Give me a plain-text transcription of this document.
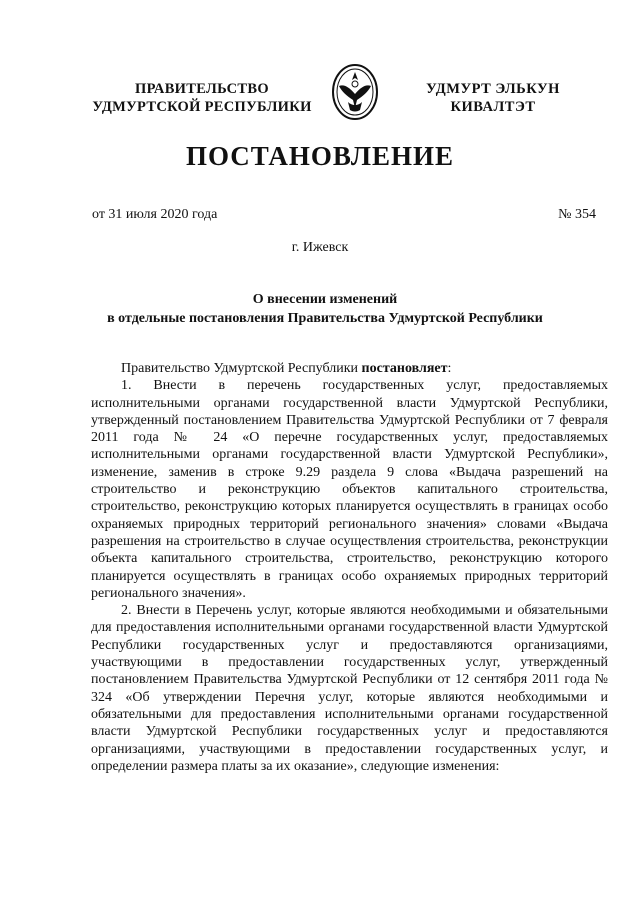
ПРАВИТЕЛЬСТВО
УДМУРТСКОЙ РЕСПУБЛИКИ
УДМУРТ ЭЛЬКУН
КИВАЛТЭТ
ПОСТАНОВЛЕНИЕ
от 31 июля 2020 года	№ 354
г. Ижевск
О внесении изменений
в отдельные постановления Правительства Удмуртской Республики

Правительство Удмуртской Республики постановляет:

1. Внести в перечень государственных услуг, предоставляемых исполнительными органами государственной власти Удмуртской Республики, утвержденный постановлением Правительства Удмуртской Республики от 7 февраля 2011 года № 24 «О перечне государственных услуг, предоставляемых исполнительными органами государственной власти Удмуртской Республики», изменение, заменив в строке 9.29 раздела 9 слова «Выдача разрешений на строительство и реконструкцию объектов капитального строительства, строительство, реконструкцию которых планируется осуществлять в границах особо охраняемых природных территорий регионального значения» словами «Выдача разрешения на строительство в случае осуществления строительства, реконструкции объекта капитального строительства, строительство, реконструкцию которого планируется осуществлять в границах особо охраняемых природных территорий регионального значения».

2. Внести в Перечень услуг, которые являются необходимыми и обязательными для предоставления исполнительными органами государственной власти Удмуртской Республики государственных услуг и предоставляются организациями, участвующими в предоставлении государственных услуг, утвержденный постановлением Правительства Удмуртской Республики от 12 сентября 2011 года № 324 «Об утверждении Перечня услуг, которые являются необходимыми и обязательными для предоставления исполнительными органами государственной власти Удмуртской Республики государственных услуг и предоставляются организациями, участвующими в предоставлении государственных услуг, и определении размера платы за их оказание», следующие изменения:
